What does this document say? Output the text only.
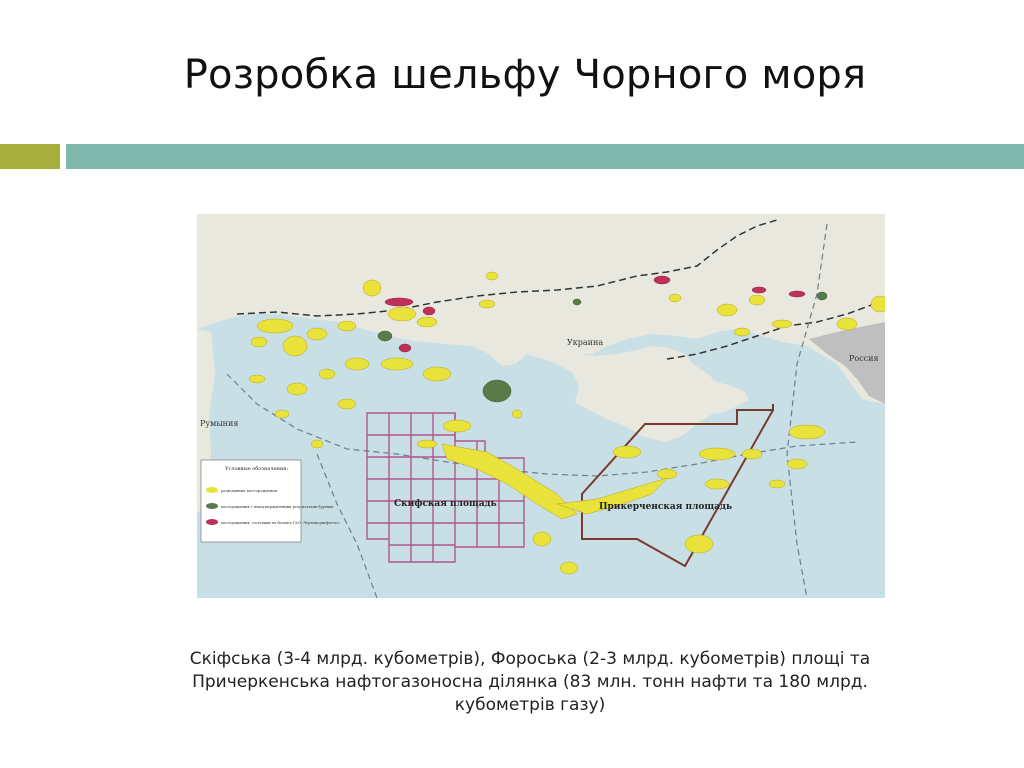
Розробка шельфу Чорного моря
Украина
Россия
Румыния
Скифская площадь	Прикерченская площадь
Условные обозначения:
разведанные месторождения
месторождения с неподтвержденными результатами бурения
месторождения, состоящие на балансе ГАО «Черноморнефтегаз»
Скіфська (3-4 млрд. кубометрів), Фороська (2-3 млрд. кубометрів) площі та Причеркенська нафтогазоносна ділянка (83 млн. тонн нафти та 180 млрд. кубометрів газу)
